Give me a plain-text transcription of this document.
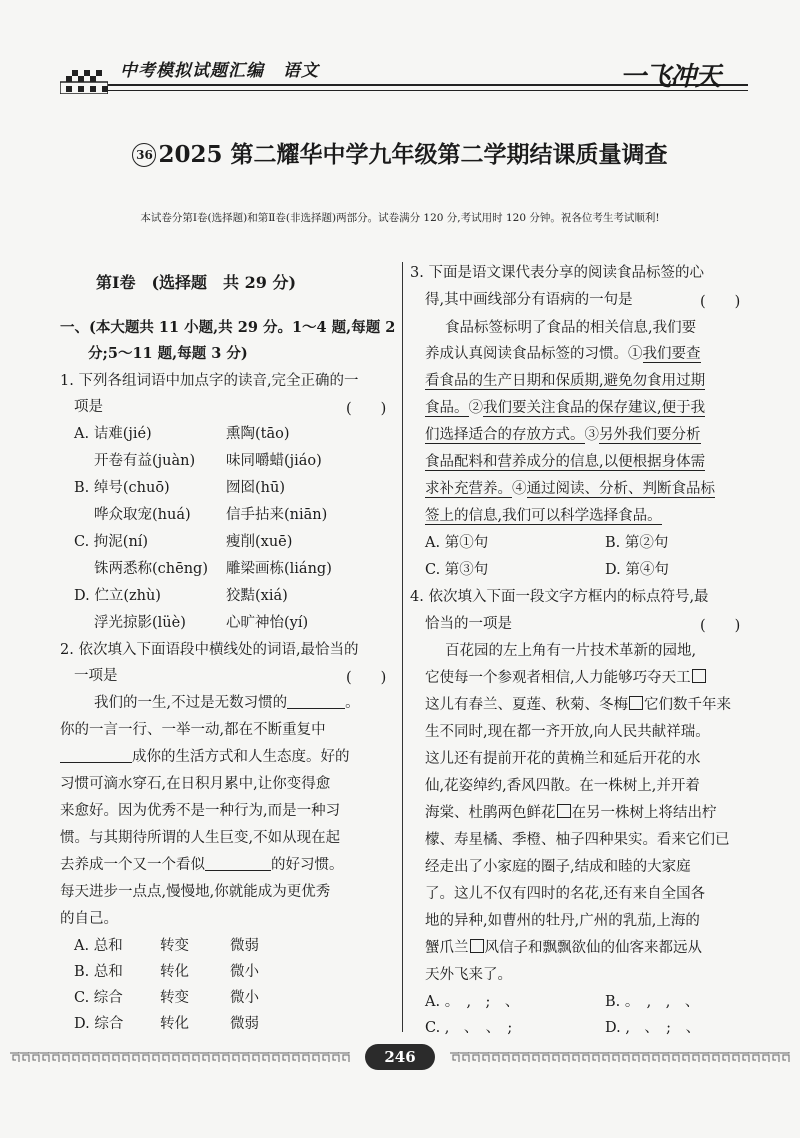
中考模拟试题汇编 语文	一飞冲天
36 2025 第二耀华中学九年级第二学期结课质量调查
本试卷分第Ⅰ卷(选择题)和第Ⅱ卷(非选择题)两部分。试卷满分 120 分,考试用时 120 分钟。祝各位考生考试顺利!
第Ⅰ卷　(选择题　共 29 分)
一、(本大题共 11 小题,共 29 分。1～4 题,每题 2
分;5～11 题,每题 3 分)
1. 下列各组词语中加点字的读音,完全正确的一
项是	(　　)
A. 诘难(jié)	熏陶(tāo)
开卷有益(juàn) 味同嚼蜡(jiáo)
B. 绰号(chuō)	囫囵(hū)
哗众取宠(huá) 信手拈来(niān)
C. 拘泥(ní)	瘦削(xuē)
铢两悉称(chēng) 雕梁画栋(liáng)
D. 伫立(zhù)	狡黠(xiá)
浮光掠影(lüè)	心旷神怡(yí)
2. 依次填入下面语段中横线处的词语,最恰当的
一项是	(　　)
我们的一生,不过是无数习惯的	。
你的一言一行、一举一动,都在不断重复中
成你的生活方式和人生态度。好的
习惯可滴水穿石,在日积月累中,让你变得愈
来愈好。因为优秀不是一种行为,而是一种习
惯。与其期待所谓的人生巨变,不如从现在起
去养成一个又一个看似	的好习惯。
每天进步一点点,慢慢地,你就能成为更优秀
的自己。
A. 总和	转变	微弱
B. 总和	转化	微小
C. 综合	转变	微小
D. 综合	转化	微弱
3. 下面是语文课代表分享的阅读食品标签的心
得,其中画线部分有语病的一句是	(　　)
食品标签标明了食品的相关信息,我们要
养成认真阅读食品标签的习惯。①我们要查
看食品的生产日期和保质期,避免勿食用过期
食品。②我们要关注食品的保存建议,便于我
们选择适合的存放方式。③另外我们要分析
食品配料和营养成分的信息,以便根据身体需
求补充营养。④通过阅读、分析、判断食品标
签上的信息,我们可以科学选择食品。
A. 第①句	B. 第②句
C. 第③句	D. 第④句
4. 依次填入下面一段文字方框内的标点符号,最
恰当的一项是	(　　)
百花园的左上角有一片技术革新的园地,
它使每一个参观者相信,人力能够巧夺天工
这儿有春兰、夏莲、秋菊、冬梅 它们数千年来
生不同时,现在都一齐开放,向人民共献祥瑞。
这儿还有提前开花的黄桷兰和延后开花的水
仙,花姿绰约,香风四散。在一株树上,并开着
海棠、杜鹃两色鲜花 在另一株树上将结出柠
檬、寿星橘、季橙、柚子四种果实。看来它们已
经走出了小家庭的圈子,结成和睦的大家庭
了。这儿不仅有四时的名花,还有来自全国各
地的异种,如曹州的牡丹,广州的乳茄,上海的
蟹爪兰 风信子和飘飘欲仙的仙客来都远从
天外飞来了。
A. 。　,　;　、	B. 。　,　,　、
C. ,　、　、　;	D. ,　、　;　、
246
